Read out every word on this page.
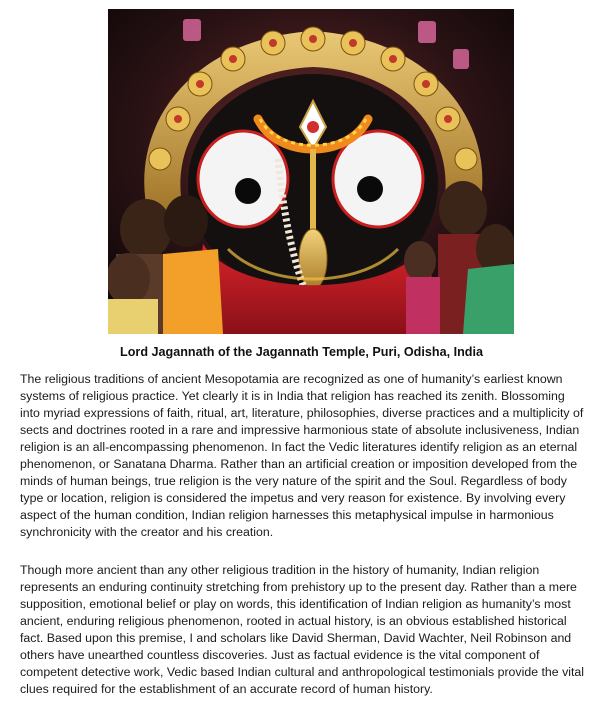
Lord Jagannath of the Jagannath Temple, Puri, Odisha, India

The religious traditions of ancient Mesopotamia are recognized as one of humanity’s earliest known systems of religious practice. Yet clearly it is in India that religion has reached its zenith. Blossoming into myriad expressions of faith, ritual, art, literature, philosophies, diverse practices and a multiplicity of sects and doctrines rooted in a rare and impressive harmonious state of absolute inclusiveness, Indian religion is an all-encompassing phenomenon. In fact the Vedic literatures identify religion as an eternal phenomenon, or Sanatana Dharma. Rather than an artificial creation or imposition developed from the minds of human beings, true religion is the very nature of the spirit and the Soul. Regardless of body type or location, religion is considered the impetus and very reason for existence. By involving every aspect of the human condition, Indian religion harnesses this metaphysical impulse in harmonious synchronicity with the creator and his creation.

Though more ancient than any other religious tradition in the history of humanity, Indian religion represents an enduring continuity stretching from prehistory up to the present day. Rather than a mere supposition, emotional belief or play on words, this identification of Indian religion as humanity’s most ancient, enduring religious phenomenon, rooted in actual history, is an obvious established historical fact. Based upon this premise, I and scholars like David Sherman, David Wachter, Neil Robinson and others have unearthed countless discoveries. Just as factual evidence is the vital component of competent detective work, Vedic based Indian cultural and anthropological testimonials provide the vital clues required for the establishment of an accurate record of human history.
